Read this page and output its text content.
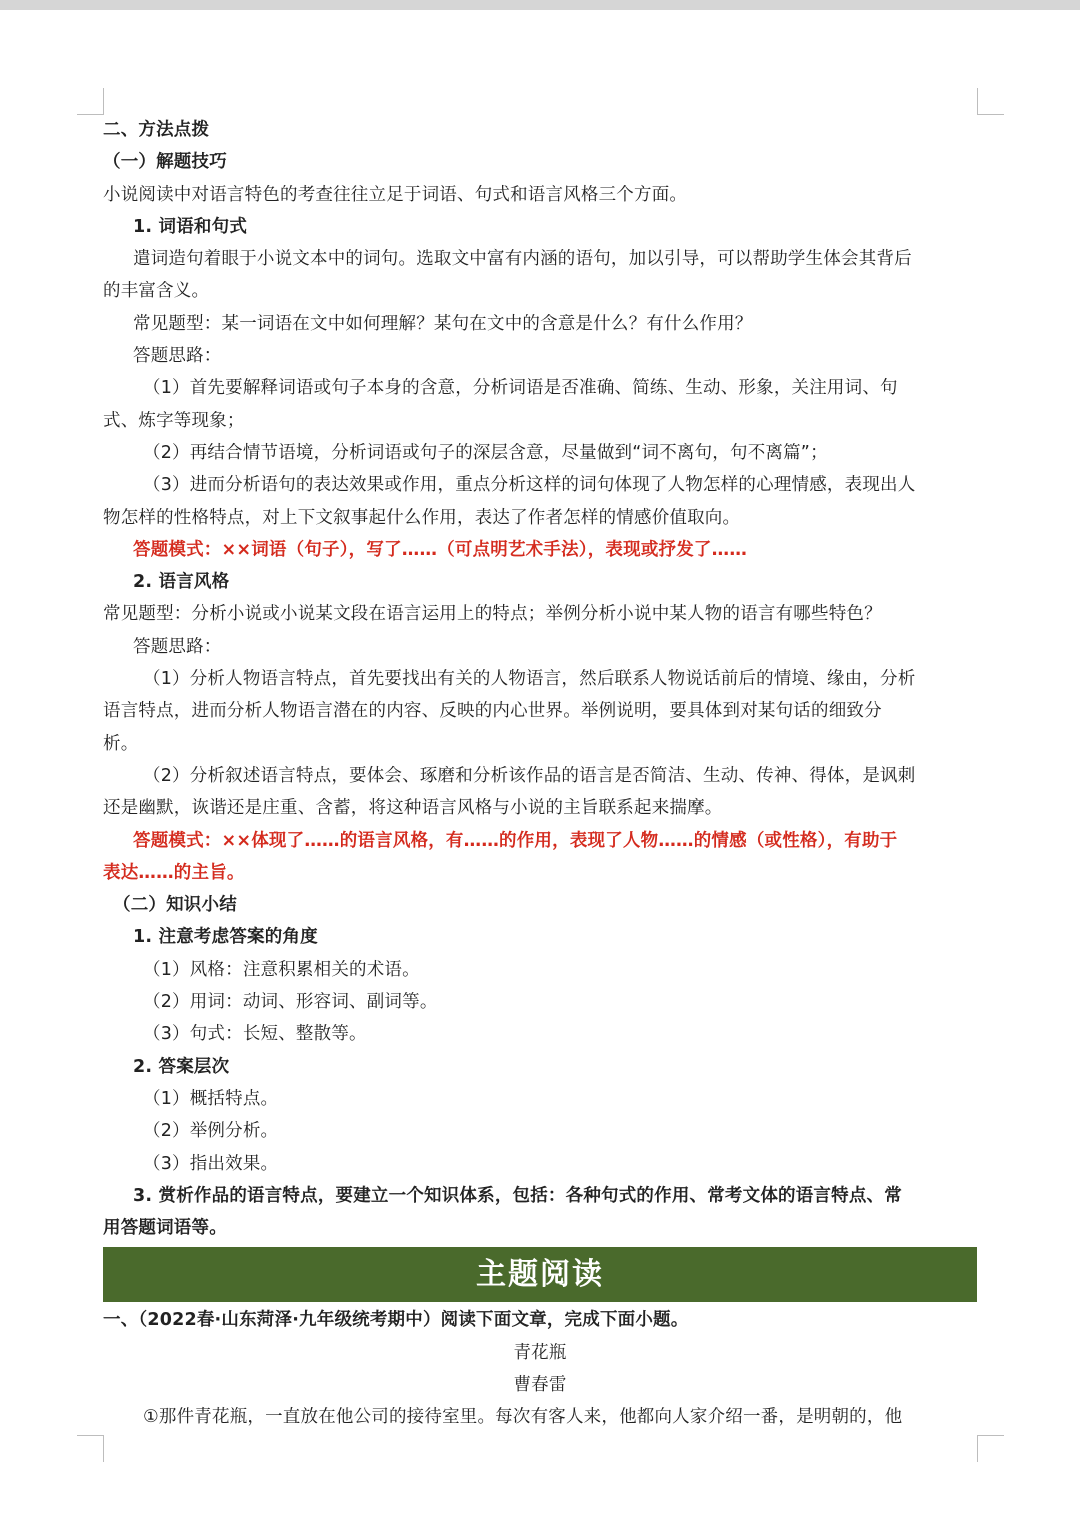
二、方法点拨
（一）解题技巧
小说阅读中对语言特色的考查往往立足于词语、句式和语言风格三个方面。
1. 词语和句式
遣词造句着眼于小说文本中的词句。选取文中富有内涵的语句，加以引导，可以帮助学生体会其背后
的丰富含义。
常见题型：某一词语在文中如何理解？某句在文中的含意是什么？有什么作用？
答题思路：
（1）首先要解释词语或句子本身的含意，分析词语是否准确、简练、生动、形象，关注用词、句
式、炼字等现象；
（2）再结合情节语境，分析词语或句子的深层含意，尽量做到“词不离句，句不离篇”；
（3）进而分析语句的表达效果或作用，重点分析这样的词句体现了人物怎样的心理情感，表现出人
物怎样的性格特点，对上下文叙事起什么作用，表达了作者怎样的情感价值取向。
答题模式：××词语（句子），写了……（可点明艺术手法），表现或抒发了……
2. 语言风格
常见题型：分析小说或小说某文段在语言运用上的特点；举例分析小说中某人物的语言有哪些特色？
答题思路：
（1）分析人物语言特点，首先要找出有关的人物语言，然后联系人物说话前后的情境、缘由，分析
语言特点，进而分析人物语言潜在的内容、反映的内心世界。举例说明，要具体到对某句话的细致分
析。
（2）分析叙述语言特点，要体会、琢磨和分析该作品的语言是否简洁、生动、传神、得体，是讽刺
还是幽默，诙谐还是庄重、含蓄，将这种语言风格与小说的主旨联系起来揣摩。
答题模式：××体现了……的语言风格，有……的作用，表现了人物……的情感（或性格），有助于
表达……的主旨。
（二）知识小结
1. 注意考虑答案的角度
（1）风格：注意积累相关的术语。
（2）用词：动词、形容词、副词等。
（3）句式：长短、整散等。
2. 答案层次
（1）概括特点。
（2）举例分析。
（3）指出效果。
3. 赏析作品的语言特点，要建立一个知识体系，包括：各种句式的作用、常考文体的语言特点、常
用答题词语等。
主题阅读
一、（2022春·山东菏泽·九年级统考期中）阅读下面文章，完成下面小题。
青花瓶
曹春雷
①那件青花瓶，一直放在他公司的接待室里。每次有客人来，他都向人家介绍一番，是明朝的，他
